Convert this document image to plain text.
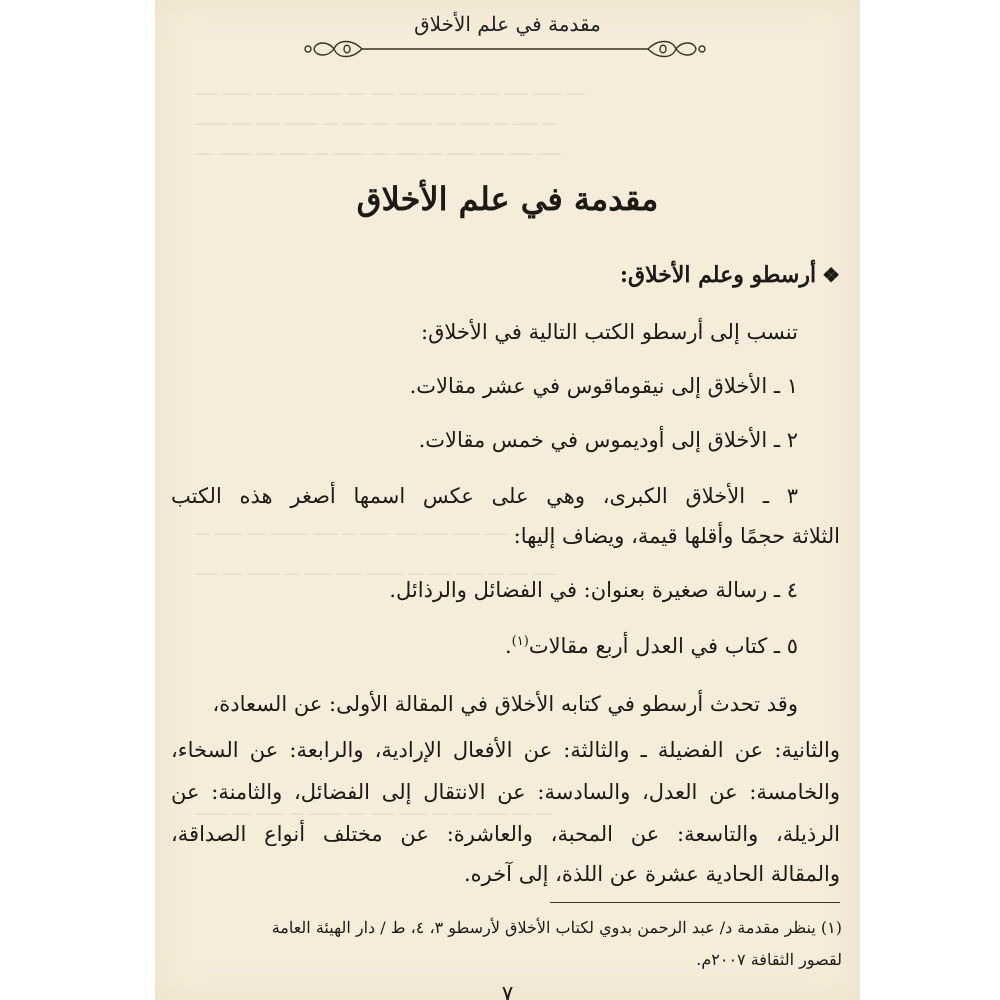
ـــــ ــــــ ـــ ــــــ ـــــــ ــــ ـــــ ــــ ـــــــ ـــ ــــ ـــــ ــــــ ــــ
ـــــــ ــــ ـــــ ـــــــ ـــ ـــــ ــــ ــــــــ ــــ ــــــ ـــ ـــــ ـــ
ــــ ـــــــ ــــ ــــــ ـــ ـــــــ ــــ ــــــ ـــ ــــــ ـــــ ـــــ ـــــ
ـــ ــــــ ــــ ــــــــ ـــــ ـــ ــــــ ـــــ ـــــ ــــــ ـــــ ـــ ــــ
ـــــ ــــ ـــــــ ـــ ــــــ ـــــ ــــــــ ـــ ـــــ ــــــ ـــ ــــ ـــــ
ـــــــ ــــ ــــــ ـــ ـــــــ ــــ ـــــ ــــــ ـــ ــــ ـــــــ ــــ ـــ
مقدمة في علم الأخلاق
مقدمة في علم الأخلاق
❖أرسطو وعلم الأخلاق:
تنسب إلى أرسطو الكتب التالية في الأخلاق:
١ ـ الأخلاق إلى نيقوماقوس في عشر مقالات.
٢ ـ الأخلاق إلى أوديموس في خمس مقالات.
٣ ـ الأخلاق الكبرى، وهي على عكس اسمها أصغر هذه الكتب
الثلاثة حجمًا وأقلها قيمة، ويضاف إليها:
٤ ـ رسالة صغيرة بعنوان: في الفضائل والرذائل.
٥ ـ كتاب في العدل أربع مقالات$^{(١)}$.
وقد تحدث أرسطو في كتابه الأخلاق في المقالة الأولى: عن السعادة،
والثانية: عن الفضيلة ـ والثالثة: عن الأفعال الإرادية، والرابعة: عن السخاء،
والخامسة: عن العدل، والسادسة: عن الانتقال إلى الفضائل، والثامنة: عن
الرذيلة، والتاسعة: عن المحبة، والعاشرة: عن مختلف أنواع الصداقة،
والمقالة الحادية عشرة عن اللذة، إلى آخره.
(١) ينظر مقدمة د/ عبد الرحمن بدوي لكتاب الأخلاق لأرسطو ٣، ٤، ط / دار الهيئة العامة
لقصور الثقافة ٢٠٠٧م.
٧
